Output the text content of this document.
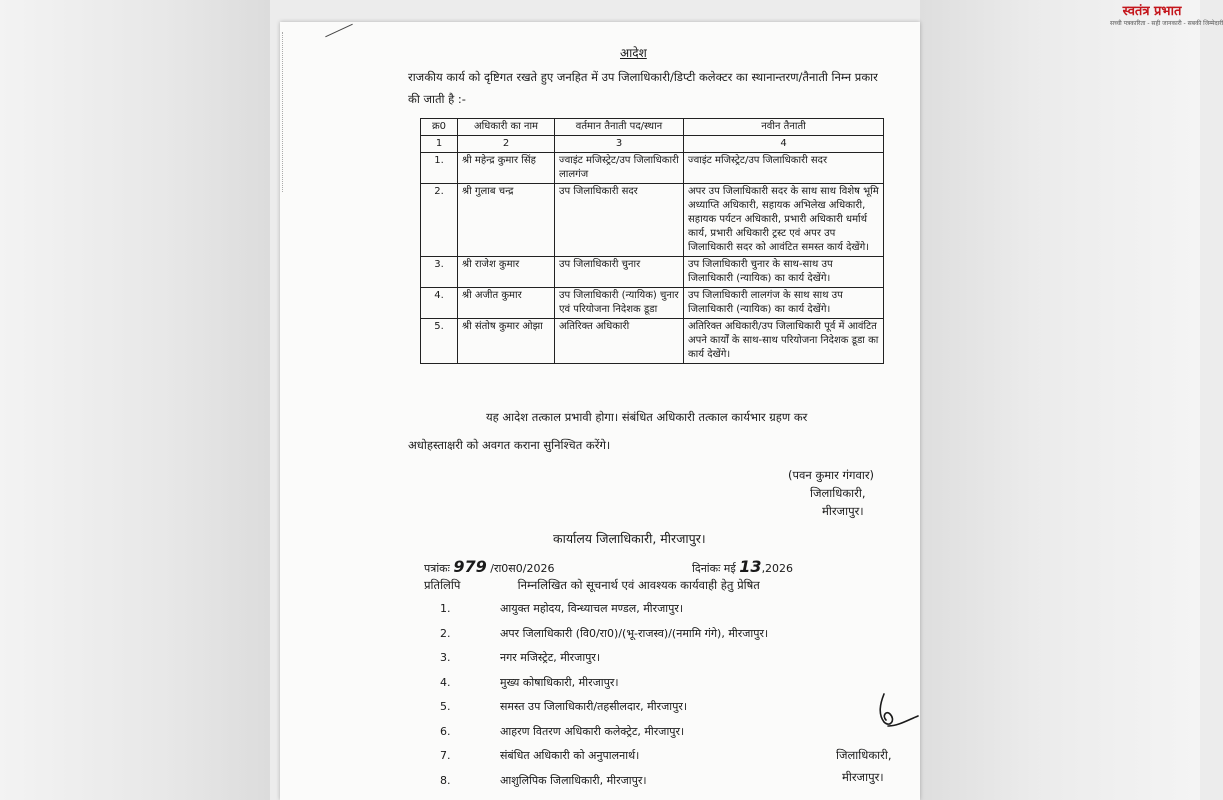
स्वतंत्र प्रभात
सच्ची पत्रकारिता - सही जानकारी - सबकी जिम्मेदारी
आदेश
राजकीय कार्य को दृष्टिगत रखते हुए जनहित में उप जिलाधिकारी/डिप्टी कलेक्टर का स्थानान्तरण/तैनाती निम्न प्रकार की जाती है :-
क्र0	अधिकारी का नाम	वर्तमान तैनाती पद/स्थान	नवीन तैनाती
1	2	3	4
1.	श्री महेन्द्र कुमार सिंह	ज्वाइंट मजिस्ट्रेट/उप जिलाधिकारी लालगंज	ज्वाइंट मजिस्ट्रेट/उप जिलाधिकारी सदर
2.	श्री गुलाब चन्द्र	उप जिलाधिकारी सदर	अपर उप जिलाधिकारी सदर के साथ साथ विशेष भूमि अध्याप्ति अधिकारी, सहायक अभिलेख अधिकारी, सहायक पर्यटन अधिकारी, प्रभारी अधिकारी धर्मार्थ कार्य, प्रभारी अधिकारी ट्रस्ट एवं अपर उप जिलाधिकारी सदर को आवंटित समस्त कार्य देखेंगे।
3.	श्री राजेश कुमार	उप जिलाधिकारी चुनार	उप जिलाधिकारी चुनार के साथ-साथ उप जिलाधिकारी (न्यायिक) का कार्य देखेंगे।
4.	श्री अजीत कुमार	उप जिलाधिकारी (न्यायिक) चुनार एवं परियोजना निदेशक डूडा	उप जिलाधिकारी लालगंज के साथ साथ उप जिलाधिकारी (न्यायिक) का कार्य देखेंगे।
5.	श्री संतोष कुमार ओझा	अतिरिक्त अधिकारी	अतिरिक्त अधिकारी/उप जिलाधिकारी पूर्व में आवंटित अपने कार्यों के साथ-साथ परियोजना निदेशक डूडा का कार्य देखेंगे।
यह आदेश तत्काल प्रभावी होगा। संबंधित अधिकारी तत्काल कार्यभार ग्रहण कर
अधोहस्ताक्षरी को अवगत कराना सुनिश्चित करेंगे।
(पवन कुमार गंगवार)
जिलाधिकारी,
मीरजापुर।
कार्यालय जिलाधिकारी, मीरजापुर।
पत्रांकः 979 /रा0स0/2026	दिनांकः मई 13,2026
प्रतिलिपि	निम्नलिखित को सूचनार्थ एवं आवश्यक कार्यवाही हेतु प्रेषित
1.	आयुक्त महोदय, विन्ध्याचल मण्डल, मीरजापुर।
2.	अपर जिलाधिकारी (वि0/रा0)/(भू-राजस्व)/(नमामि गंगे), मीरजापुर।
3.	नगर मजिस्ट्रेट, मीरजापुर।
4.	मुख्य कोषाधिकारी, मीरजापुर।
5.	समस्त उप जिलाधिकारी/तहसीलदार, मीरजापुर।
6.	आहरण वितरण अधिकारी कलेक्ट्रेट, मीरजापुर।
7.	संबंधित अधिकारी को अनुपालनार्थ।
8.	आशुलिपिक जिलाधिकारी, मीरजापुर।
जिलाधिकारी,
मीरजापुर।
